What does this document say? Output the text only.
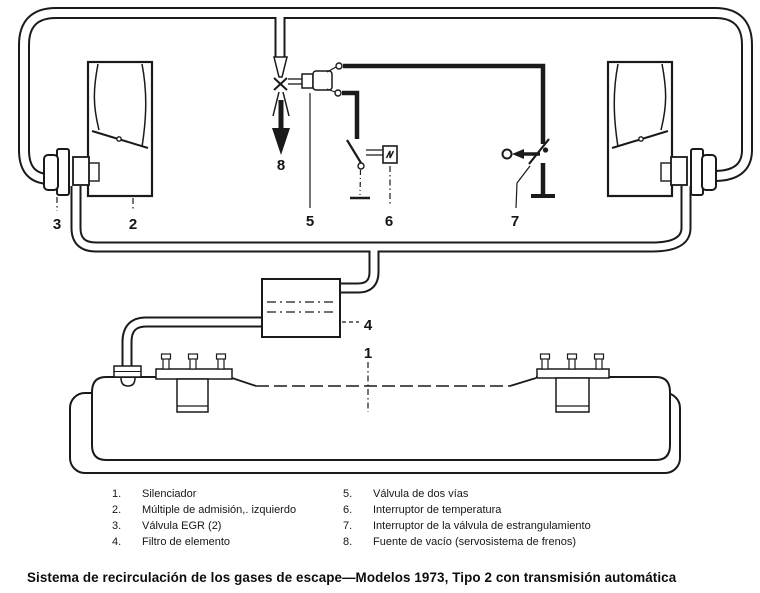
3	2	5	6	7
8
4
1
1. Silenciador
2. Múltiple de admisión,. izquierdo
3. Válvula EGR (2)
4. Filtro de elemento
5. Válvula de dos vías
6. Interruptor de temperatura
7. Interruptor de la válvula de estrangulamiento
8. Fuente de vacío (servosistema de frenos)
Sistema de recirculación de los gases de escape—Modelos 1973, Tipo 2 con transmisión automática
